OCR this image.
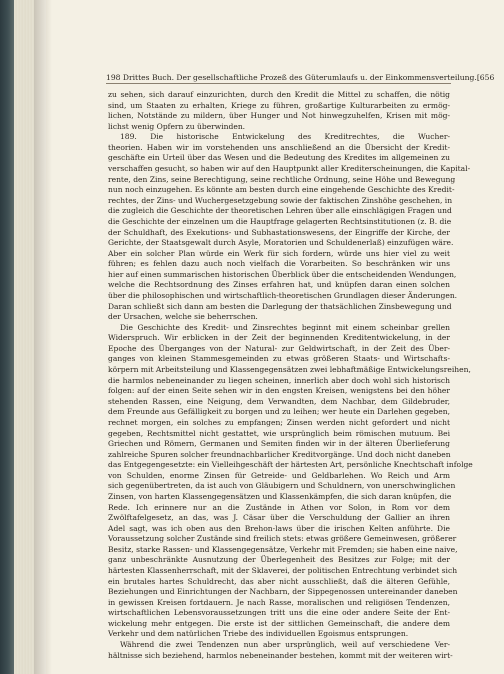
198 Drittes Buch. Der gesellschaftliche Prozeß des Güterumlaufs u. der Einkommensverteilung. [656
zu sehen, sich darauf einzurichten, durch den Kredit die Mittel zu schaffen, die nötig
sind, um Staaten zu erhalten, Kriege zu führen, großartige Kulturarbeiten zu ermög-
lichen, Notstände zu mildern, über Hunger und Not hinwegzuhelfen, Krisen mit mög-
lichst wenig Opfern zu überwinden.
189. Die historische Entwickelung des Kreditrechtes, die Wucher-
theorien. Haben wir im vorstehenden uns anschließend an die Übersicht der Kredit-
geschäfte ein Urteil über das Wesen und die Bedeutung des Kredites im allgemeinen zu
verschaffen gesucht, so haben wir auf den Hauptpunkt aller Krediterscheinungen, die Kapital-
rente, den Zins, seine Berechtigung, seine rechtliche Ordnung, seine Höhe und Bewegung
nun noch einzugehen. Es könnte am besten durch eine eingehende Geschichte des Kredit-
rechtes, der Zins- und Wuchergesetzgebung sowie der faktischen Zinshöhe geschehen, in
die zugleich die Geschichte der theoretischen Lehren über alle einschlägigen Fragen und
die Geschichte der einzelnen um die Hauptfrage gelagerten Rechtsinstitutionen (z. B. die
der Schuldhaft, des Exekutions- und Subhastationswesens, der Eingriffe der Kirche, der
Gerichte, der Staatsgewalt durch Asyle, Moratorien und Schuldenerlaß) einzufügen wäre.
Aber ein solcher Plan würde ein Werk für sich fordern, würde uns hier viel zu weit
führen; es fehlen dazu auch noch vielfach die Vorarbeiten. So beschränken wir uns
hier auf einen summarischen historischen Überblick über die entscheidenden Wendungen,
welche die Rechtsordnung des Zinses erfahren hat, und knüpfen daran einen solchen
über die philosophischen und wirtschaftlich-theoretischen Grundlagen dieser Änderungen.
Daran schließt sich dann am besten die Darlegung der thatsächlichen Zinsbewegung und
der Ursachen, welche sie beherrschen.
Die Geschichte des Kredit- und Zinsrechtes beginnt mit einem scheinbar grellen
Widerspruch. Wir erblicken in der Zeit der beginnenden Kreditentwickelung, in der
Epoche des Überganges von der Natural- zur Geldwirtschaft, in der Zeit des Über-
ganges von kleinen Stammesgemeinden zu etwas größeren Staats- und Wirtschafts-
körpern mit Arbeitsteilung und Klassengegensätzen zwei lebhaftmäßige Entwickelungsreihen,
die harmlos nebeneinander zu liegen scheinen, innerlich aber doch wohl sich historisch
folgen: auf der einen Seite sehen wir in den engsten Kreisen, wenigstens bei den höher
stehenden Rassen, eine Neigung, dem Verwandten, dem Nachbar, dem Gildebruder,
dem Freunde aus Gefälligkeit zu borgen und zu leihen; wer heute ein Darlehen gegeben,
rechnet morgen, ein solches zu empfangen; Zinsen werden nicht gefordert und nicht
gegeben, Rechtsmittel nicht gestattet, wie ursprünglich beim römischen mutuum. Bei
Griechen und Römern, Germanen und Semiten finden wir in der älteren Überlieferung
zahlreiche Spuren solcher freundnachbarlicher Kreditvorgänge. Und doch nicht daneben
das Entgegengesetzte: ein Vielleihgeschäft der härtesten Art, persönliche Knechtschaft infolge
von Schulden, enorme Zinsen für Getreide- und Geldbarlehen. Wo Reich und Arm
sich gegenübertreten, da ist auch von Gläubigern und Schuldnern, von unerschwinglichen
Zinsen, von harten Klassengegensätzen und Klassenkämpfen, die sich daran knüpfen, die
Rede. Ich erinnere nur an die Zustände in Athen vor Solon, in Rom vor dem
Zwölftafelgesetz, an das, was J. Cäsar über die Verschuldung der Gallier an ihren
Adel sagt, was ich oben aus den Brehon-laws über die irischen Kelten anführte. Die
Voraussetzung solcher Zustände sind freilich stets: etwas größere Gemeinwesen, größerer
Besitz, starke Rassen- und Klassengegensätze, Verkehr mit Fremden; sie haben eine naive,
ganz unbeschränkte Ausnutzung der Überlegenheit des Besitzes zur Folge; mit der
härtesten Klassenherrschaft, mit der Sklaverei, der politischen Entrechtung verbindet sich
ein brutales hartes Schuldrecht, das aber nicht ausschließt, daß die älteren Gefühle,
Beziehungen und Einrichtungen der Nachbarn, der Sippegenossen untereinander daneben
in gewissen Kreisen fortdauern. Je nach Rasse, moralischen und religiösen Tendenzen,
wirtschaftlichen Lebensvoraussetzungen tritt uns die eine oder andere Seite der Ent-
wickelung mehr entgegen. Die erste ist der sittlichen Gemeinschaft, die andere dem
Verkehr und dem natürlichen Triebe des individuellen Egoismus entsprungen.
Während die zwei Tendenzen nun aber ursprünglich, weil auf verschiedene Ver-
hältnisse sich beziehend, harmlos nebeneinander bestehen, kommt mit der weiteren wirt-
